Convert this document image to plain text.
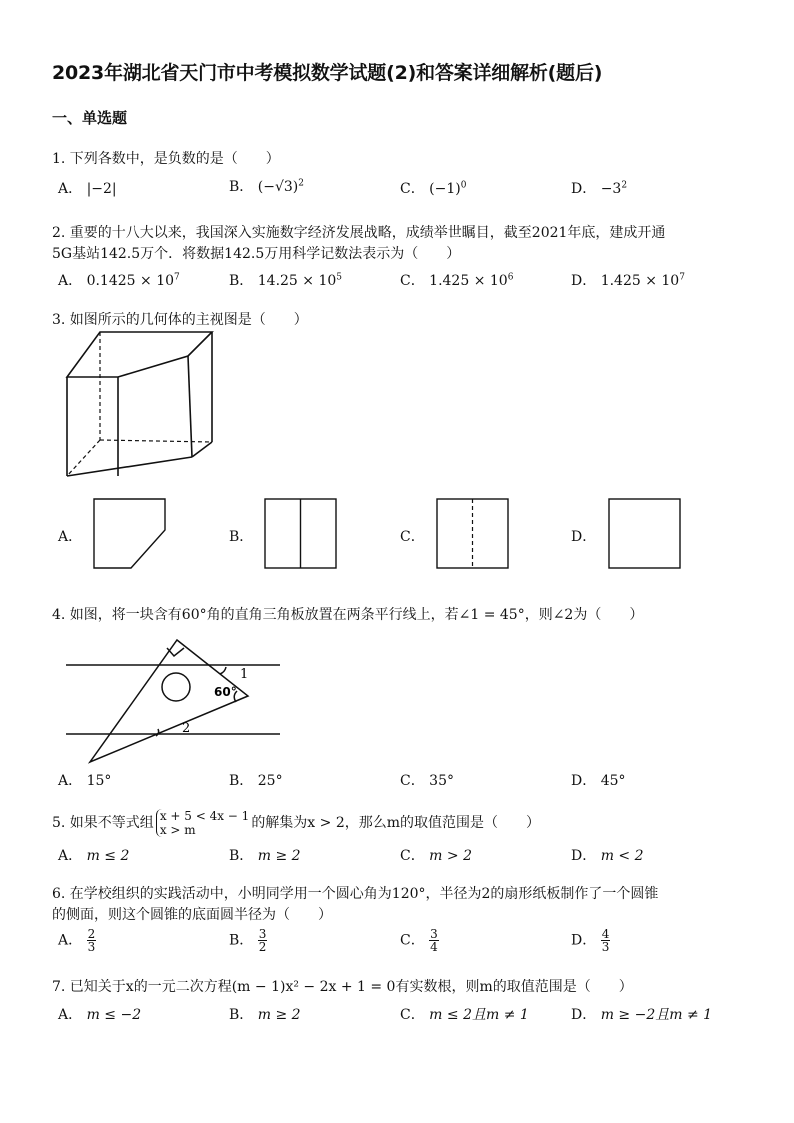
2023年湖北省天门市中考模拟数学试题(2)和答案详细解析(题后)
一、单选题
1. 下列各数中，是负数的是（　　）
A． |−2|	B． $(-√3)^2$	C． $(-1)^0$	D． $-3^2$
2. 重要的十八大以来，我国深入实施数字经济发展战略，成绩举世瞩目，截至2021年底，建成开通
5G基站142.5万个．将数据142.5万用科学记数法表示为（　　）
A． $0.1425 \times 10^7$	B． $14.25 \times 10^5$	C． $1.425 \times 10^6$	D． $1.425 \times 10^7$
3. 如图所示的几何体的主视图是（　　）
A．	B．	C．	D．
4. 如图，将一块含有60°角的直角三角板放置在两条平行线上，若∠1 = 45°，则∠2为（　　）
1
60°
2
A． 15°	B． 25°	C． 35°	D． 45°
5. 如果不等式组 x + 5 < 4x − 1
x > m	的解集为x > 2，那么m的取值范围是（　　）
A． m ≤ 2	B． m ≥ 2	C． m > 2	D． m < 2
6. 在学校组织的实践活动中，小明同学用一个圆心角为120°，半径为2的扇形纸板制作了一个圆锥
的侧面，则这个圆锥的底面圆半径为（　　）
A． $\frac{2}{3}$	B． $\frac{3}{2}$	C． $\frac{3}{4}$	D． $\frac{4}{3}$
7. 已知关于x的一元二次方程(m − 1)x² − 2x + 1 = 0有实数根，则m的取值范围是（　　）
A． m ≤ −2	B． m ≥ 2	C． m ≤ 2且m ≠ 1	D． m ≥ −2且m ≠ 1
